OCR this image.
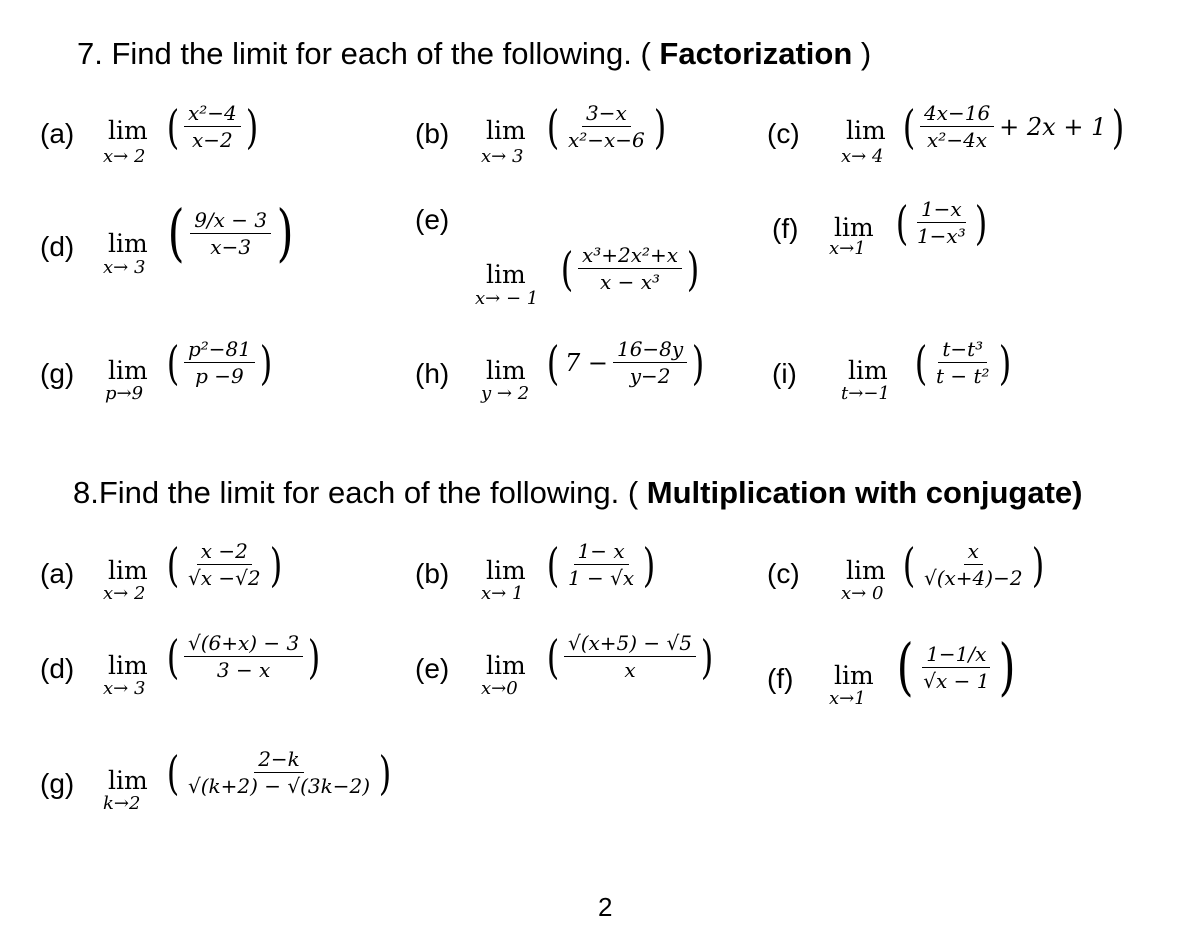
7. Find the limit for each of the following. ( Factorization )
(a) lim
x→ 2
( $\frac{\text{x²−4}}{x-2}$ )	(b) lim
x→ 3
( $\frac{3-x}{\text{x²−x−6}}$ )	(c) lim
x→ 4
( $\frac{4x-16}{\text{x²−4x}} + 2x + 1$ )
(d) lim
x→ 3 ( $\frac{9/x - 3}{x-3}$ )	(e)
lim
x→ − 1
( $\frac{\text{x³+2x²+x}}{\text{x − x³}}$ )
(f) lim
x→1 ( $\frac{1-x}{\text{1−x³}}$ )
(g) lim
p→9
( $\frac{\text{p²−81}}{p -9}$ )	(h) lim
y → 2
( $7 - \frac{16-8y}{y-2}$ ) (i) lim
t→−1
( $\frac{\text{t−t³}}{\text{t − t²}}$ )
8.Find the limit for each of the following. ( Multiplication with conjugate)
(a) lim
x→ 2
( $\frac{x -2}{√x -√2}$ )	(b) lim
x→ 1
( $\frac{1- x}{1 - √x}$ )	(c) lim
x→ 0
( $\frac{x}{√(x+4)-2}$ )
(d) lim
x→ 3
( $\frac{√(6+x) - 3}{3 - x}$ )	(e) lim
x→0
( $\frac{√(x+5) - √5}{x}$ ) (f) lim
x→1 ( $\frac{1-1/x}{√x - 1}$ )
(g) lim
k→2
( $\frac{2-k}{√(k+2) - √(3k-2)}$ )
2
